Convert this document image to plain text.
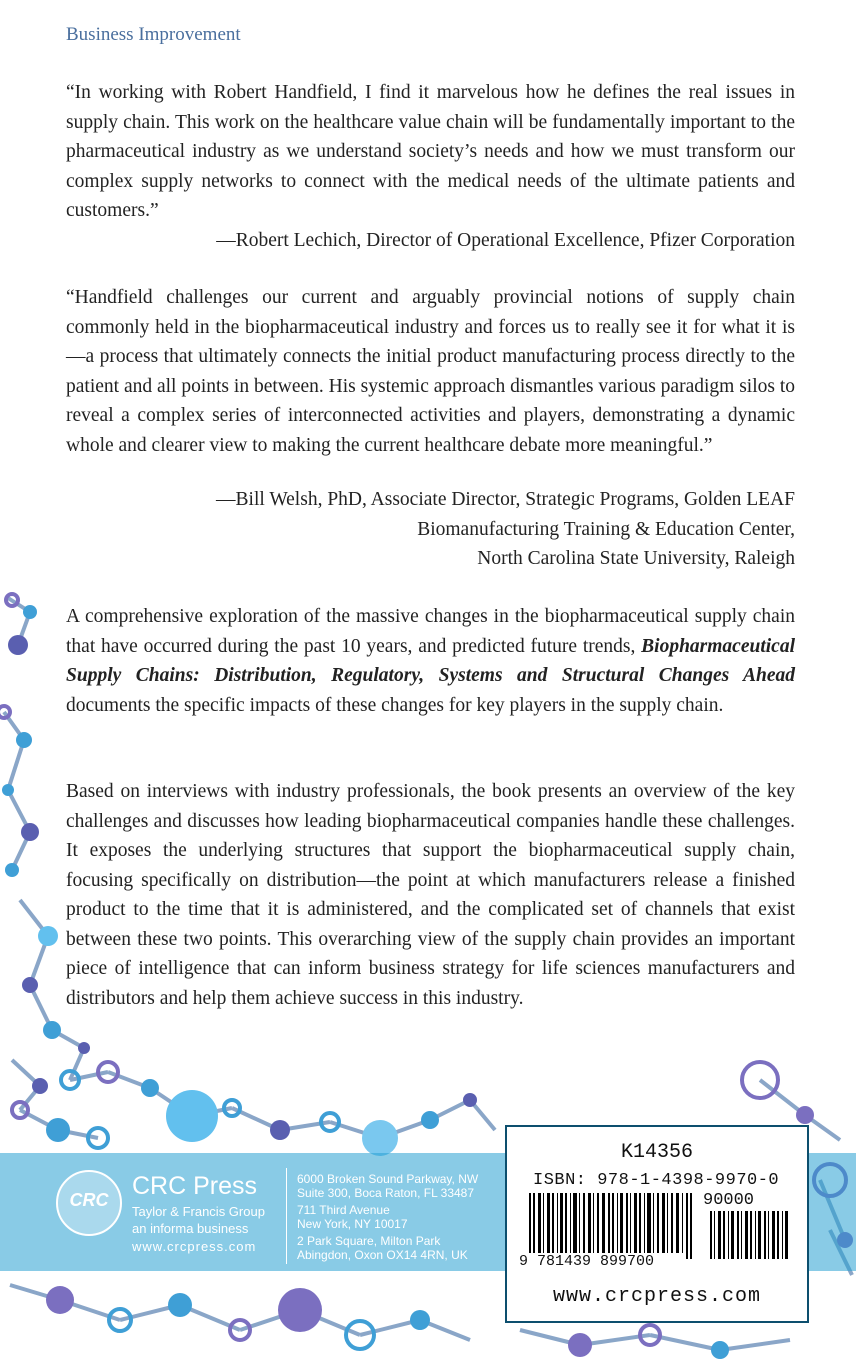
Business Improvement
“In working with Robert Handfield, I find it marvelous how he defines the real issues in supply chain. This work on the healthcare value chain will be fundamentally important to the pharmaceutical industry as we understand society’s needs and how we must transform our complex supply networks to connect with the medical needs of the ultimate patients and customers.”
—Robert Lechich, Director of Operational Excellence, Pfizer Corporation
“Handfield challenges our current and arguably provincial notions of supply chain commonly held in the biopharmaceutical industry and forces us to really see it for what it is—a process that ultimately connects the initial product manufacturing process directly to the patient and all points in between. His systemic approach dismantles various paradigm silos to reveal a complex series of interconnected activities and players, demonstrating a dynamic whole and clearer view to making the current healthcare debate more meaningful.”
—Bill Welsh, PhD, Associate Director, Strategic Programs, Golden LEAF
Biomanufacturing Training & Education Center,
North Carolina State University, Raleigh
A comprehensive exploration of the massive changes in the biopharmaceutical supply chain that have occurred during the past 10 years, and predicted future trends, Biopharmaceutical Supply Chains: Distribution, Regulatory, Systems and Structural Changes Ahead documents the specific impacts of these changes for key players in the supply chain.
Based on interviews with industry professionals, the book presents an overview of the key challenges and discusses how leading biopharmaceutical companies handle these challenges. It exposes the underlying structures that support the biopharmaceutical supply chain, focusing specifically on distribution—the point at which manufacturers release a finished product to the time that it is administered, and the complicated set of channels that exist between these two points. This overarching view of the supply chain provides an important piece of intelligence that can inform business strategy for life sciences manufacturers and distributors and help them achieve success in this industry.
CRC CRC Press
Taylor & Francis Group
an informa business
www.crcpress.com
6000 Broken Sound Parkway, NW
Suite 300, Boca Raton, FL 33487
711 Third Avenue
New York, NY 10017
2 Park Square, Milton Park
Abingdon, Oxon OX14 4RN, UK
K14356
ISBN: 978-1-4398-9970-0
90000
9 781439 899700
www.crcpress.com
